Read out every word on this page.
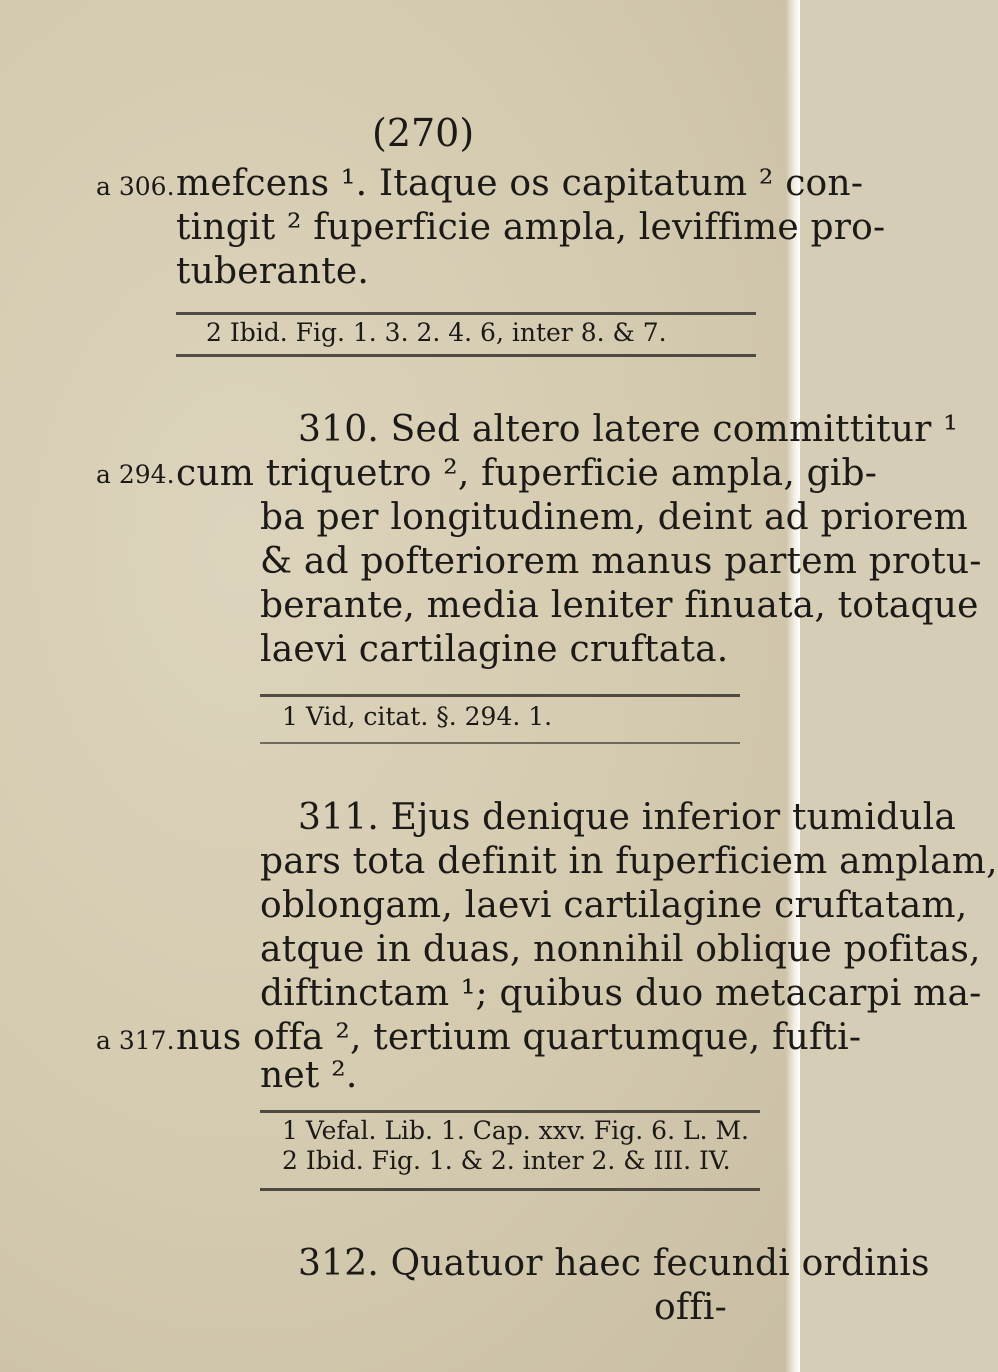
(270)
a 306. mefcens ¹. Itaque os capitatum ² con-
tingit ² fuperficie ampla, leviffime pro-
tuberante.
2 Ibid. Fig. 1. 3. 2. 4. 6, inter 8. & 7.
310. Sed altero latere committitur ¹
a 294. cum triquetro ², fuperficie ampla, gib-
ba per longitudinem, deint ad priorem
& ad pofteriorem manus partem protu-
berante, media leniter finuata, totaque
laevi cartilagine cruftata.
1 Vid, citat. §. 294. 1.
311. Ejus denique inferior tumidula
pars tota definit in fuperficiem amplam,
oblongam, laevi cartilagine cruftatam,
atque in duas, nonnihil oblique pofitas,
diftinctam ¹; quibus duo metacarpi ma-
a 317. nus offa ², tertium quartumque, fufti-
net ².
1 Vefal. Lib. 1. Cap. xxv. Fig. 6. L. M.
2 Ibid. Fig. 1. & 2. inter 2. & III. IV.
312. Quatuor haec fecundi ordinis
offi-
